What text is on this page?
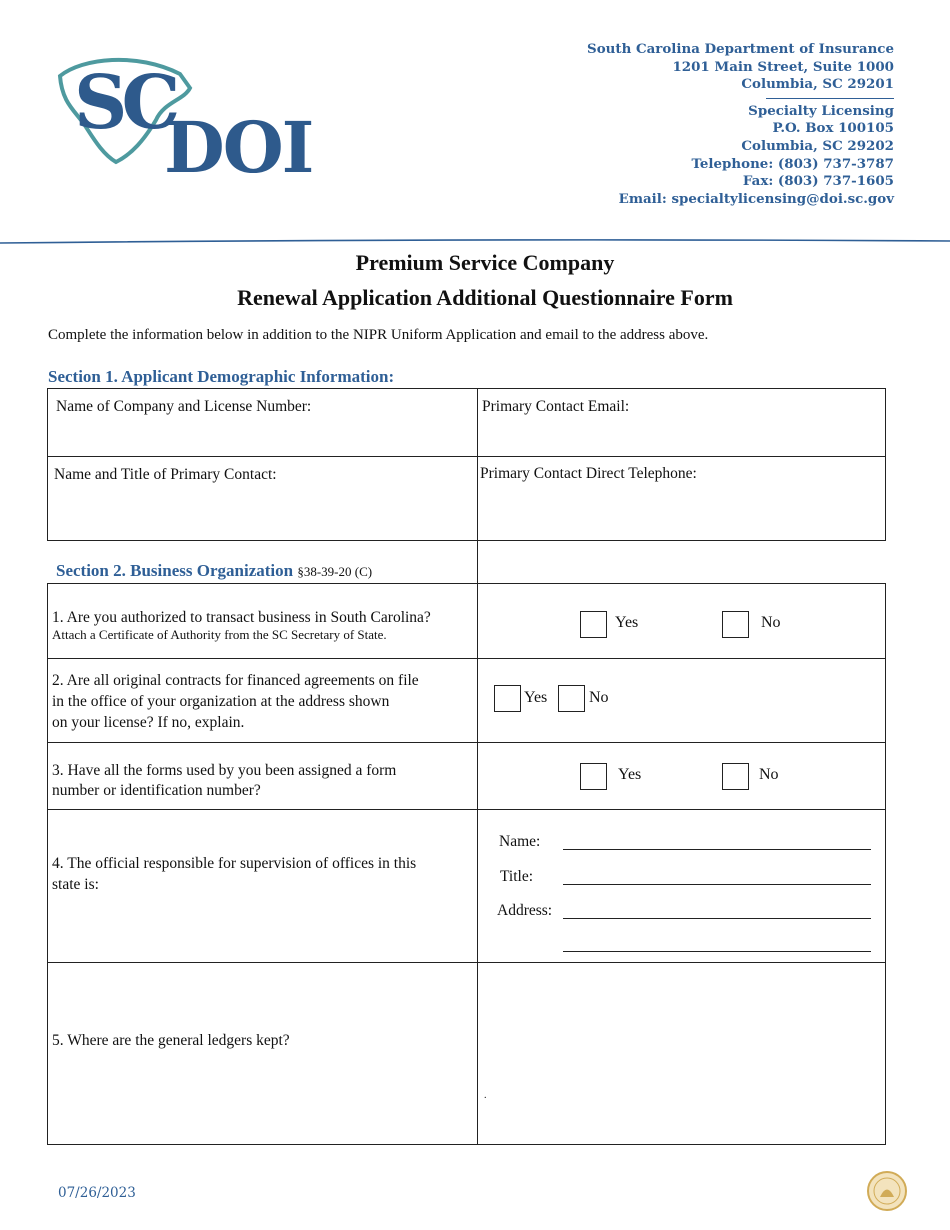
SC
DOI
South Carolina Department of Insurance
1201 Main Street, Suite 1000
Columbia, SC 29201
Specialty Licensing
P.O. Box 100105
Columbia, SC 29202
Telephone: (803) 737-3787
Fax: (803) 737-1605
Email: specialtylicensing@doi.sc.gov
Premium Service Company
Renewal Application Additional Questionnaire Form
Complete the information below in addition to the NIPR Uniform Application and email to the address above.
Section 1. Applicant Demographic Information:
Name of Company and License Number:	Primary Contact Email:
Name and Title of Primary Contact:	Primary Contact Direct Telephone:
Section 2. Business Organization §38-39-20 (C)
1. Are you authorized to transact business in South Carolina?
Attach a Certificate of Authority from the SC Secretary of State.
Yes	No
2. Are all original contracts for financed agreements on file
in the office of your organization at the address shown
on your license? If no, explain.
Yes	No
3. Have all the forms used by you been assigned a form
number or identification number?
Yes	No
4. The official responsible for supervision of offices in this
state is:
Name:
Title:
Address:
5. Where are the general ledgers kept?
.
07/26/2023
